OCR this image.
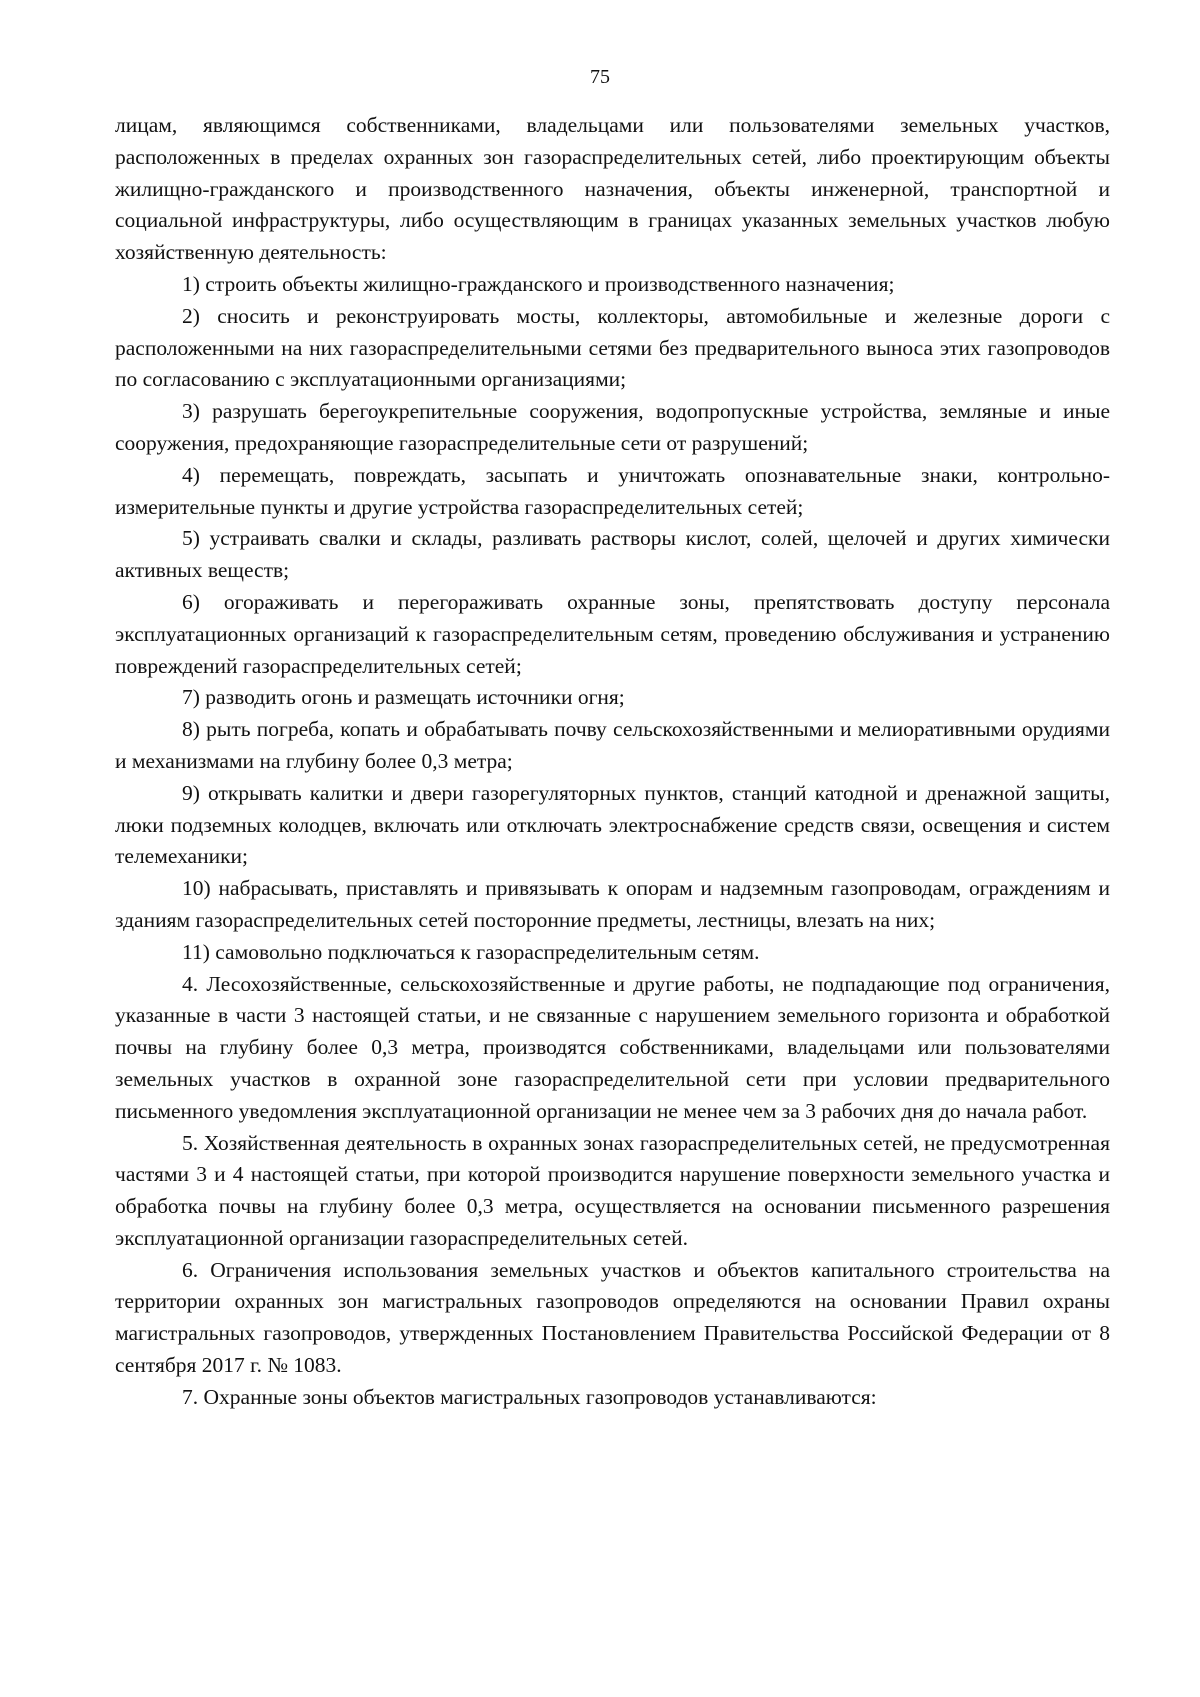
75

лицам, являющимся собственниками, владельцами или пользователями земельных участков, расположенных в пределах охранных зон газораспределительных сетей, либо проектирующим объекты жилищно-гражданского и производственного назначения, объекты инженерной, транспортной и социальной инфраструктуры, либо осуществляющим в границах указанных земельных участков любую хозяйственную деятельность:

1) строить объекты жилищно-гражданского и производственного назначения;

2) сносить и реконструировать мосты, коллекторы, автомобильные и железные дороги с расположенными на них газораспределительными сетями без предварительного выноса этих газопроводов по согласованию с эксплуатационными организациями;

3) разрушать берегоукрепительные сооружения, водопропускные устройства, земляные и иные сооружения, предохраняющие газораспределительные сети от разрушений;

4) перемещать, повреждать, засыпать и уничтожать опознавательные знаки, контрольно-измерительные пункты и другие устройства газораспределительных сетей;

5) устраивать свалки и склады, разливать растворы кислот, солей, щелочей и других химически активных веществ;

6) огораживать и перегораживать охранные зоны, препятствовать доступу персонала эксплуатационных организаций к газораспределительным сетям, проведению обслуживания и устранению повреждений газораспределительных сетей;

7) разводить огонь и размещать источники огня;

8) рыть погреба, копать и обрабатывать почву сельскохозяйственными и мелиоративными орудиями и механизмами на глубину более 0,3 метра;

9) открывать калитки и двери газорегуляторных пунктов, станций катодной и дренажной защиты, люки подземных колодцев, включать или отключать электроснабжение средств связи, освещения и систем телемеханики;

10) набрасывать, приставлять и привязывать к опорам и надземным газопроводам, ограждениям и зданиям газораспределительных сетей посторонние предметы, лестницы, влезать на них;

11) самовольно подключаться к газораспределительным сетям.

4. Лесохозяйственные, сельскохозяйственные и другие работы, не подпадающие под ограничения, указанные в части 3 настоящей статьи, и не связанные с нарушением земельного горизонта и обработкой почвы на глубину более 0,3 метра, производятся собственниками, владельцами или пользователями земельных участков в охранной зоне газораспределительной сети при условии предварительного письменного уведомления эксплуатационной организации не менее чем за 3 рабочих дня до начала работ.

5. Хозяйственная деятельность в охранных зонах газораспределительных сетей, не предусмотренная частями 3 и 4 настоящей статьи, при которой производится нарушение поверхности земельного участка и обработка почвы на глубину более 0,3 метра, осуществляется на основании письменного разрешения эксплуатационной организации газораспределительных сетей.

6. Ограничения использования земельных участков и объектов капитального строительства на территории охранных зон магистральных газопроводов определяются на основании Правил охраны магистральных газопроводов, утвержденных Постановлением Правительства Российской Федерации от 8 сентября 2017 г. № 1083.

7. Охранные зоны объектов магистральных газопроводов устанавливаются:
